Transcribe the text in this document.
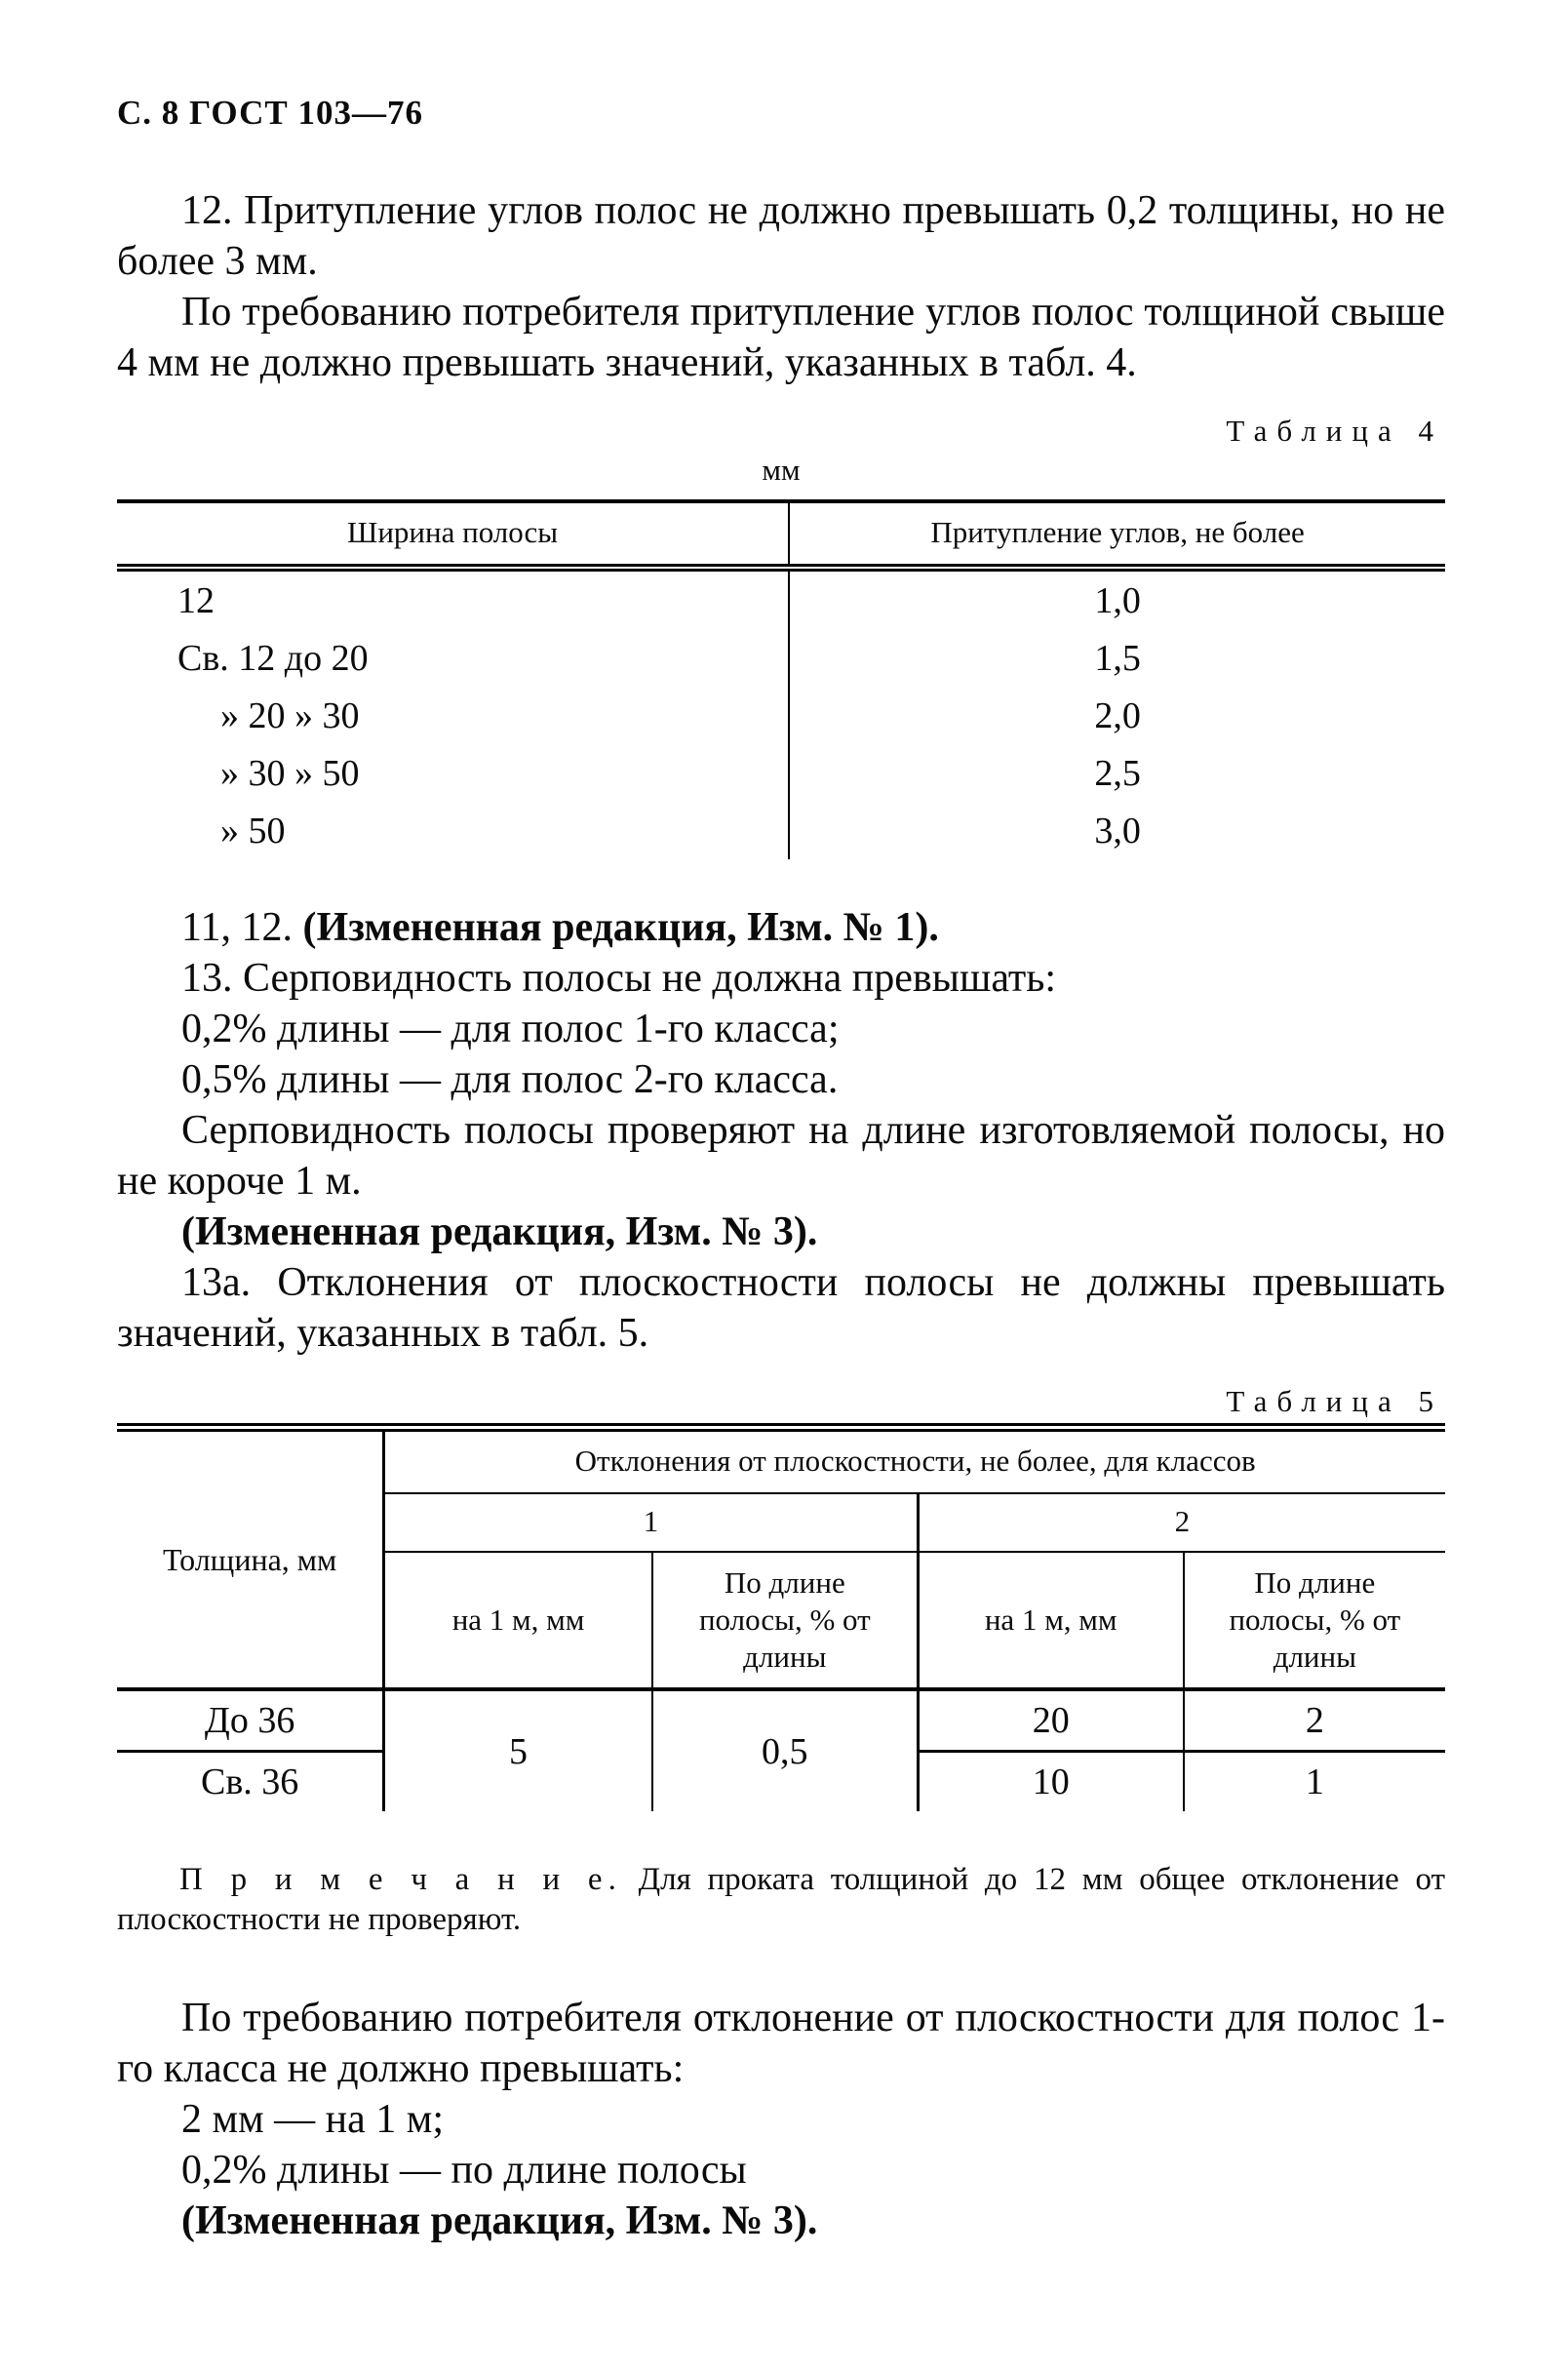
С. 8 ГОСТ 103—76

12. Притупление углов полос не должно превышать 0,2 толщины, но не более 3 мм.

По требованию потребителя притупление углов полос толщиной свыше 4 мм не должно превышать значений, указанных в табл. 4.

Таблица 4
мм
Ширина полосы	Притупление углов, не более
12	1,0
Св. 12 до 20	1,5
» 20 » 30	2,0
» 30 » 50	2,5
» 50	3,0

11, 12. (Измененная редакция, Изм. № 1).

13. Серповидность полосы не должна превышать:

0,2% длины — для полос 1-го класса;

0,5% длины — для полос 2-го класса.

Серповидность полосы проверяют на длине изготовляемой полосы, но не короче 1 м.

(Измененная редакция, Изм. № 3).

13а. Отклонения от плоскостности полосы не должны превышать значений, указанных в табл. 5.

Таблица 5
Толщина, мм	Отклонения от плоскостности, не более, для классов			
	1		2	
	на 1 м, мм	По длине полосы, % от длины	на 1 м, мм	По длине полосы, % от длины
До 36	5	0,5	20	2
Св. 36			10	1

П р и м е ч а н и е. Для проката толщиной до 12 мм общее отклонение от плоскостности не проверяют.

По требованию потребителя отклонение от плоскостности для полос 1-го класса не должно превышать:

2 мм — на 1 м;

0,2% длины — по длине полосы

(Измененная редакция, Изм. № 3).
